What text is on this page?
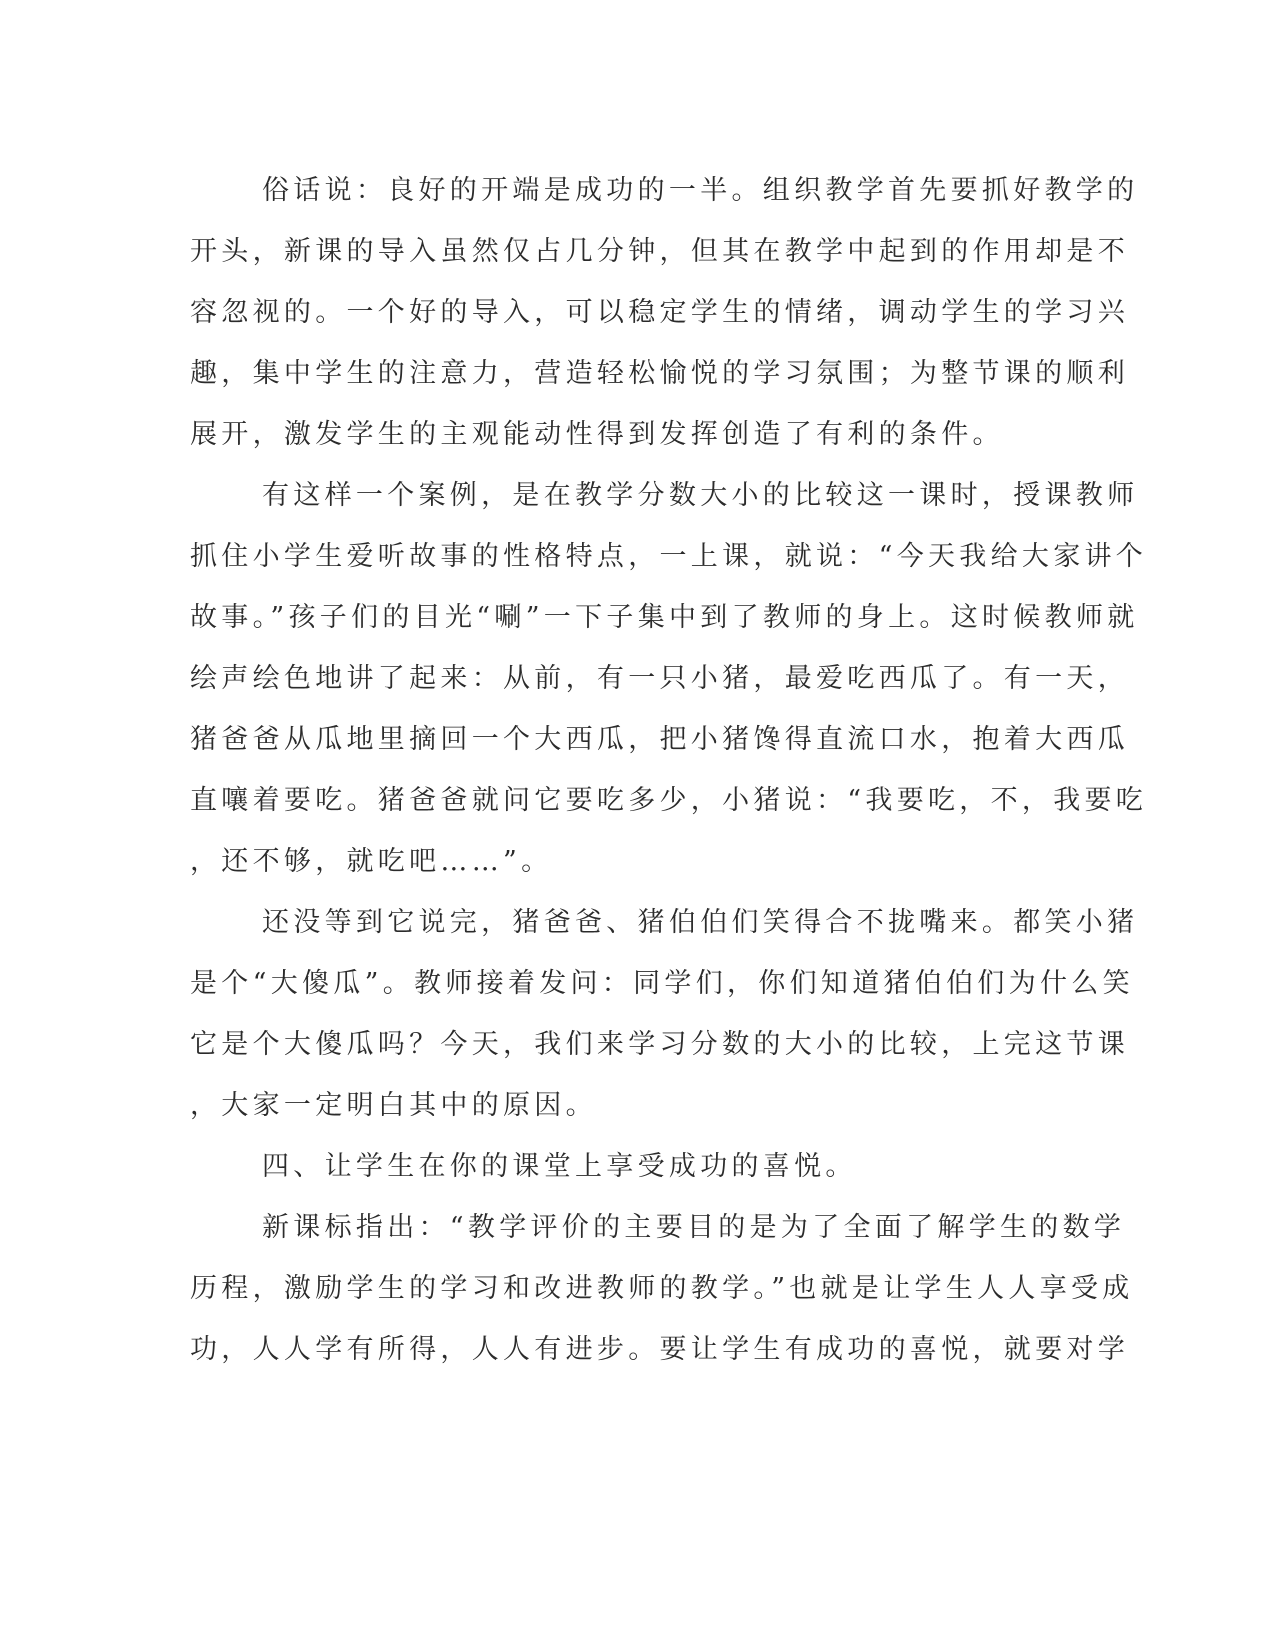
俗话说：良好的开端是成功的一半。组织教学首先要抓好教学的
开头，新课的导入虽然仅占几分钟，但其在教学中起到的作用却是不
容忽视的。一个好的导入，可以稳定学生的情绪，调动学生的学习兴
趣，集中学生的注意力，营造轻松愉悦的学习氛围；为整节课的顺利
展开，激发学生的主观能动性得到发挥创造了有利的条件。
有这样一个案例，是在教学分数大小的比较这一课时，授课教师
抓住小学生爱听故事的性格特点，一上课，就说：“今天我给大家讲个
故事。”孩子们的目光“唰”一下子集中到了教师的身上。这时候教师就
绘声绘色地讲了起来：从前，有一只小猪，最爱吃西瓜了。有一天，
猪爸爸从瓜地里摘回一个大西瓜，把小猪馋得直流口水，抱着大西瓜
直嚷着要吃。猪爸爸就问它要吃多少，小猪说：“我要吃，不，我要吃
，还不够，就吃吧……”。
还没等到它说完，猪爸爸、猪伯伯们笑得合不拢嘴来。都笑小猪
是个“大傻瓜”。教师接着发问：同学们，你们知道猪伯伯们为什么笑
它是个大傻瓜吗？今天，我们来学习分数的大小的比较，上完这节课
，大家一定明白其中的原因。
四、让学生在你的课堂上享受成功的喜悦。
新课标指出：“教学评价的主要目的是为了全面了解学生的数学
历程，激励学生的学习和改进教师的教学。”也就是让学生人人享受成
功，人人学有所得，人人有进步。要让学生有成功的喜悦，就要对学
